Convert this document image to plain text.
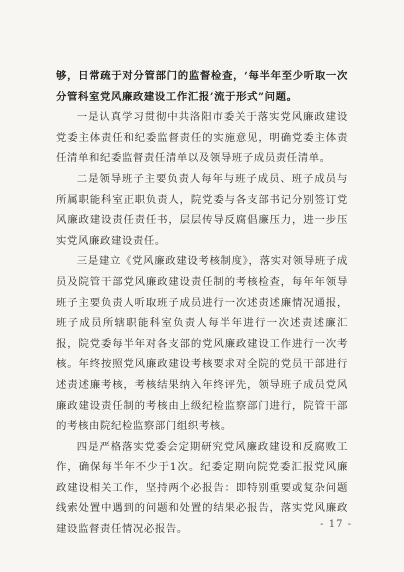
够，日常疏于对分管部门的监督检查，‘每半年至少听取一次分管科室党风廉政建设工作汇报’流于形式”问题。

一是认真学习贯彻中共洛阳市委关于落实党风廉政建设党委主体责任和纪委监督责任的实施意见，明确党委主体责任清单和纪委监督责任清单以及领导班子成员责任清单。

二是领导班子主要负责人每年与班子成员、班子成员与所属职能科室正职负责人，院党委与各支部书记分别签订党风廉政建设责任责任书，层层传导反腐倡廉压力，进一步压实党风廉政建设责任。

三是建立《党风廉政建设考核制度》，落实对领导班子成员及院管干部党风廉政建设责任制的考核检查，每年年领导班子主要负责人听取班子成员进行一次述责述廉情况通报，班子成员所辖职能科室负责人每半年进行一次述责述廉汇报，院党委每半年对各支部的党风廉政建设工作进行一次考核。年终按照党风廉政建设考核要求对全院的党员干部进行述责述廉考核，考核结果纳入年终评先，领导班子成员党风廉政建设责任制的考核由上级纪检监察部门进行，院管干部的考核由院纪检监察部门组织考核。

四是严格落实党委会定期研究党风廉政建设和反腐败工作，确保每半年不少于1次。纪委定期向院党委汇报党风廉政建设相关工作，坚持两个必报告：即特别重要或复杂问题线索处置中遇到的问题和处置的结果必报告，落实党风廉政建设监督责任情况必报告。	- 17 -
